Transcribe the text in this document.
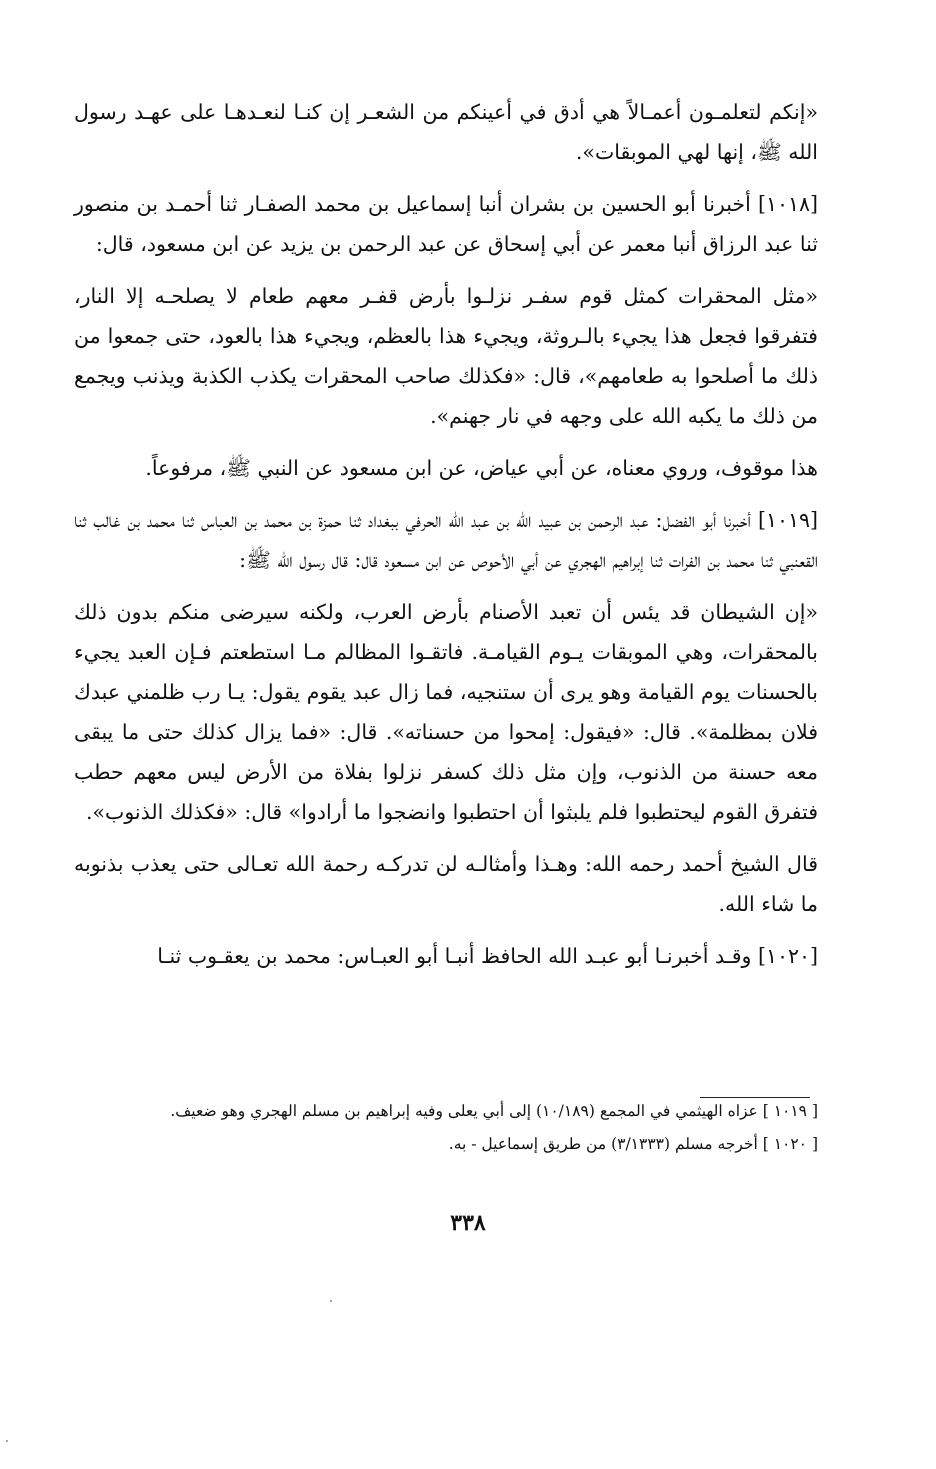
«إنكم لتعلمـون أعمـالاً هي أدق في أعينكم من الشعـر إن كنـا لنعـدهـا على عهـد رسول الله ﷺ، إنها لهي الموبقات».

[١٠١٨] أخبرنا أبو الحسين بن بشران أنبا إسماعيل بن محمد الصفـار ثنا أحمـد بن منصور ثنا عبد الرزاق أنبا معمر عن أبي إسحاق عن عبد الرحمن بن يزيد عن ابن مسعود، قال:

«مثل المحقرات كمثل قوم سفـر نزلـوا بأرض قفـر معهم طعام لا يصلحـه إلا النار، فتفرقوا فجعل هذا يجيء بالـروثة، ويجيء هذا بالعظم، ويجيء هذا بالعود، حتى جمعوا من ذلك ما أصلحوا به طعامهم»، قال: «فكذلك صاحب المحقرات يكذب الكذبة ويذنب ويجمع من ذلك ما يكبه الله على وجهه في نار جهنم».

هذا موقوف، وروي معناه، عن أبي عياض، عن ابن مسعود عن النبي ﷺ، مرفوعاً.

[١٠١٩] أخبرنا أبو الفضل: عبد الرحمن بن عبيد الله بن عبد الله الحرفي ببغداد ثنا حمزة بن محمد بن العباس ثنا محمد بن غالب ثنا القعنبي ثنا محمد بن الفرات ثنا إبراهيم الهجري عن أبي الأحوص عن ابن مسعود قال: قال رسول الله ﷺ:

«إن الشيطان قد يئس أن تعبد الأصنام بأرض العرب، ولكنه سيرضى منكم بدون ذلك بالمحقرات، وهي الموبقات يـوم القيامـة. فاتقـوا المظالم مـا استطعتم فـإن العبد يجيء بالحسنات يوم القيامة وهو يرى أن ستنجيه، فما زال عبد يقوم يقول: يـا رب ظلمني عبدك فلان بمظلمة». قال: «فيقول: إمحوا من حسناته». قال: «فما يزال كذلك حتى ما يبقى معه حسنة من الذنوب، وإن مثل ذلك كسفر نزلوا بفلاة من الأرض ليس معهم حطب فتفرق القوم ليحتطبوا فلم يلبثوا أن احتطبوا وانضجوا ما أرادوا» قال: «فكذلك الذنوب».

قال الشيخ أحمد رحمه الله: وهـذا وأمثالـه لن تدركـه رحمة الله تعـالى حتى يعذب بذنوبه ما شاء الله.

[١٠٢٠] وقـد أخبرنـا أبو عبـد الله الحافظ أنبـا أبو العبـاس: محمد بن يعقـوب ثنـا

[ ١٠١٩ ] عزاه الهيثمي في المجمع (١٠/١٨٩) إلى أبي يعلى وفيه إبراهيم بن مسلم الهجري وهو ضعيف.

[ ١٠٢٠ ] أخرجه مسلم (٣/١٣٣٣) من طريق إسماعيل - به.

٣٣٨
